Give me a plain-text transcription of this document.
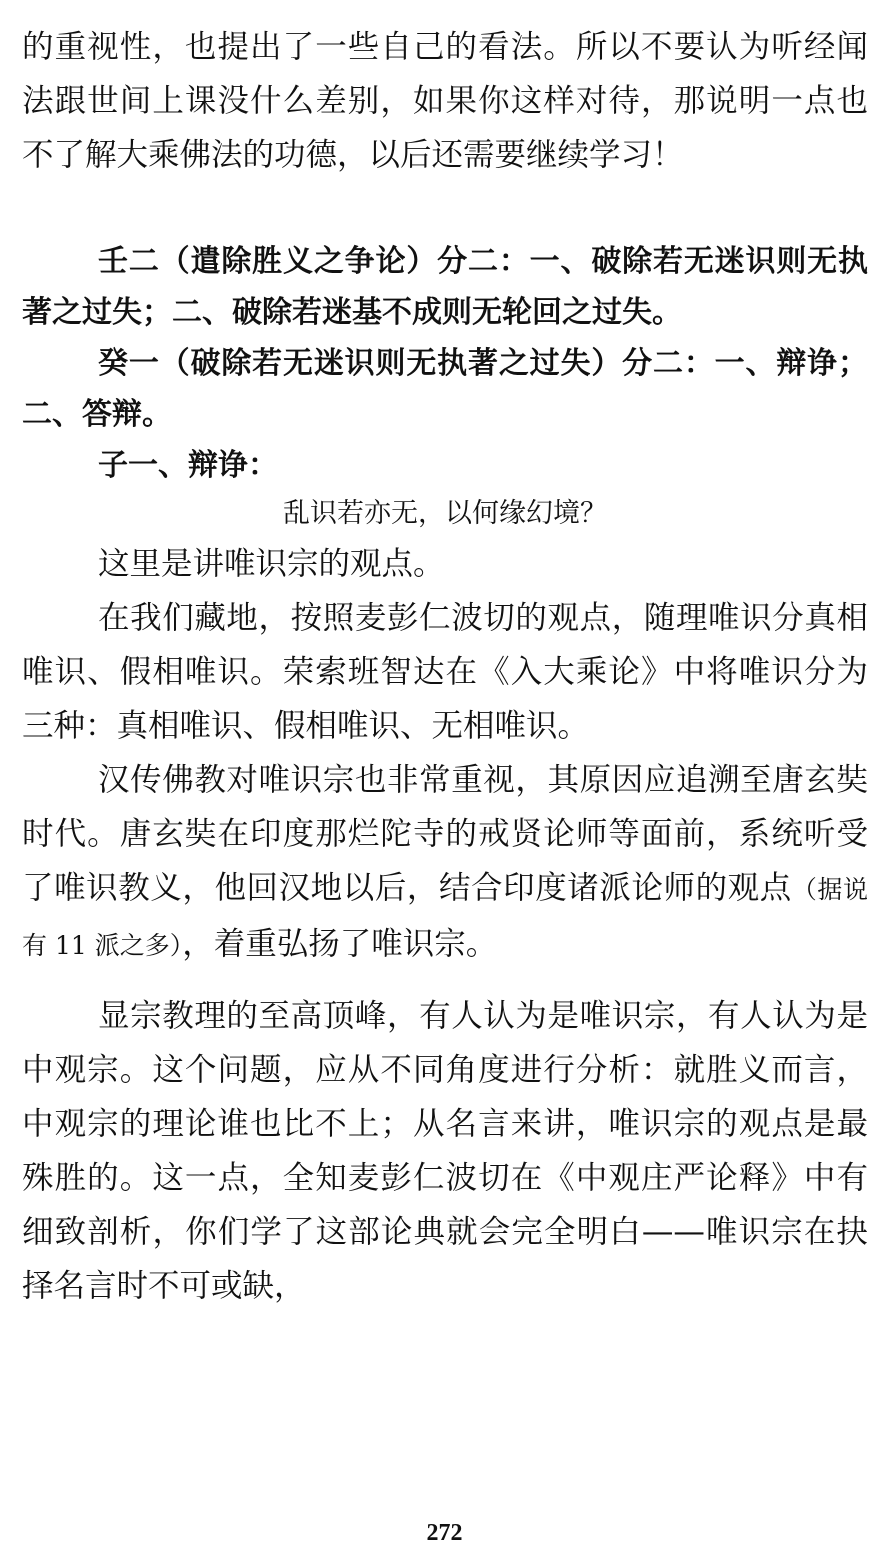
的重视性，也提出了一些自己的看法。所以不要认为听经闻法跟世间上课没什么差别，如果你这样对待，那说明一点也不了解大乘佛法的功德，以后还需要继续学习！

壬二（遣除胜义之争论）分二：一、破除若无迷识则无执著之过失；二、破除若迷基不成则无轮回之过失。

癸一（破除若无迷识则无执著之过失）分二：一、辩诤；二、答辩。

子一、辩诤：

乱识若亦无，以何缘幻境？

这里是讲唯识宗的观点。

在我们藏地，按照麦彭仁波切的观点，随理唯识分真相唯识、假相唯识。荣索班智达在《入大乘论》中将唯识分为三种：真相唯识、假相唯识、无相唯识。

汉传佛教对唯识宗也非常重视，其原因应追溯至唐玄奘时代。唐玄奘在印度那烂陀寺的戒贤论师等面前，系统听受了唯识教义，他回汉地以后，结合印度诸派论师的观点（据说有 11 派之多），着重弘扬了唯识宗。

显宗教理的至高顶峰，有人认为是唯识宗，有人认为是中观宗。这个问题，应从不同角度进行分析：就胜义而言，中观宗的理论谁也比不上；从名言来讲，唯识宗的观点是最殊胜的。这一点，全知麦彭仁波切在《中观庄严论释》中有细致剖析，你们学了这部论典就会完全明白——唯识宗在抉择名言时不可或缺，

272
